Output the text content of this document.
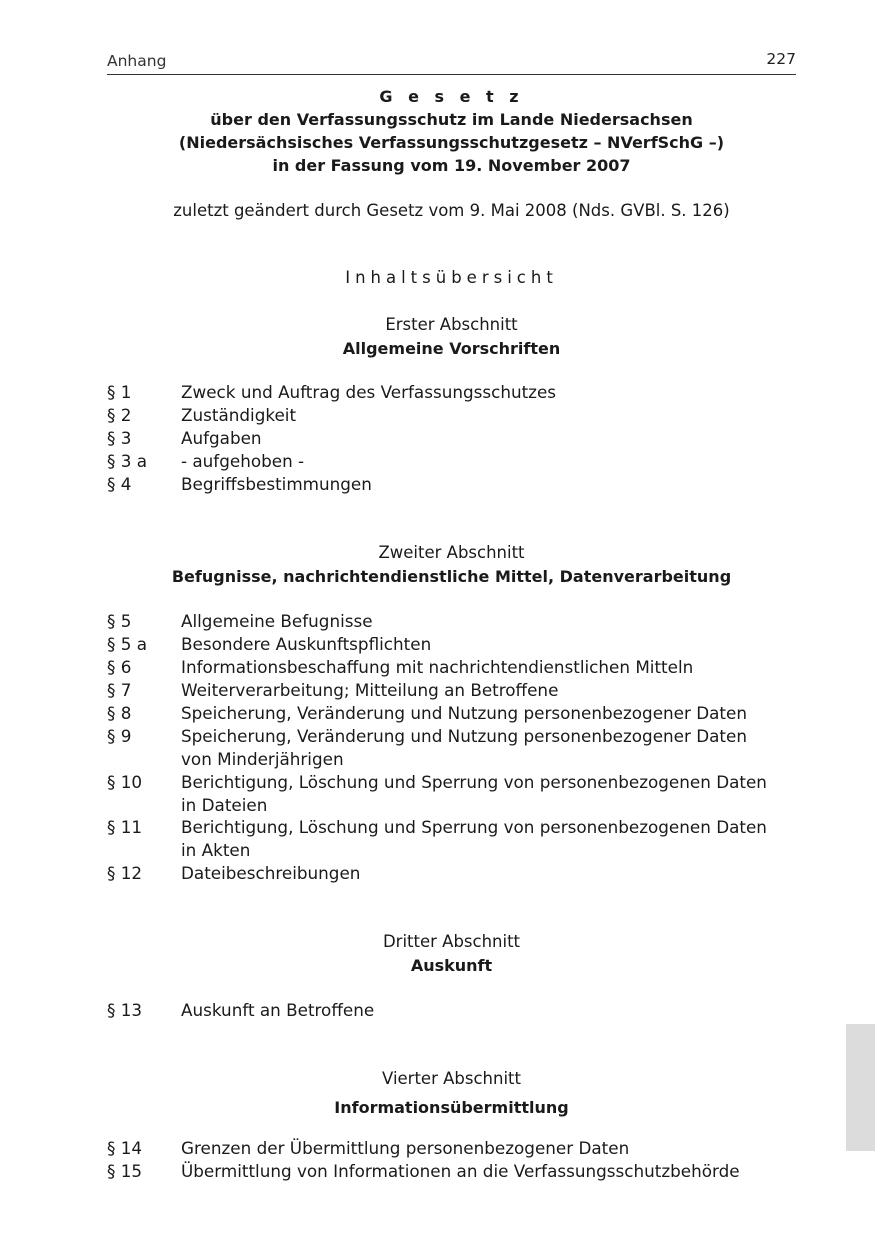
Anhang	227
G e s e t z
über den Verfassungsschutz im Lande Niedersachsen
(Niedersächsisches Verfassungsschutzgesetz – NVerfSchG –)
in der Fassung vom 19. November 2007
zuletzt geändert durch Gesetz vom 9. Mai 2008 (Nds. GVBl. S. 126)
Inhaltsübersicht
Erster Abschnitt
Allgemeine Vorschriften
§ 1	Zweck und Auftrag des Verfassungsschutzes
§ 2	Zuständigkeit
§ 3	Aufgaben
§ 3 a - aufgehoben -
§ 4	Begriffsbestimmungen
Zweiter Abschnitt
Befugnisse, nachrichtendienstliche Mittel, Datenverarbeitung
§ 5	Allgemeine Befugnisse
§ 5 a Besondere Auskunftspflichten
§ 6	Informationsbeschaffung mit nachrichtendienstlichen Mitteln
§ 7	Weiterverarbeitung; Mitteilung an Betroffene
§ 8	Speicherung, Veränderung und Nutzung personenbezogener Daten
§ 9	Speicherung, Veränderung und Nutzung personenbezogener Daten
von Minderjährigen
§ 10 Berichtigung, Löschung und Sperrung von personenbezogenen Daten
in Dateien
§ 11 Berichtigung, Löschung und Sperrung von personenbezogenen Daten
in Akten
§ 12 Dateibeschreibungen
Dritter Abschnitt
Auskunft
§ 13 Auskunft an Betroffene
Vierter Abschnitt
Informationsübermittlung
§ 14 Grenzen der Übermittlung personenbezogener Daten
§ 15 Übermittlung von Informationen an die Verfassungsschutzbehörde
